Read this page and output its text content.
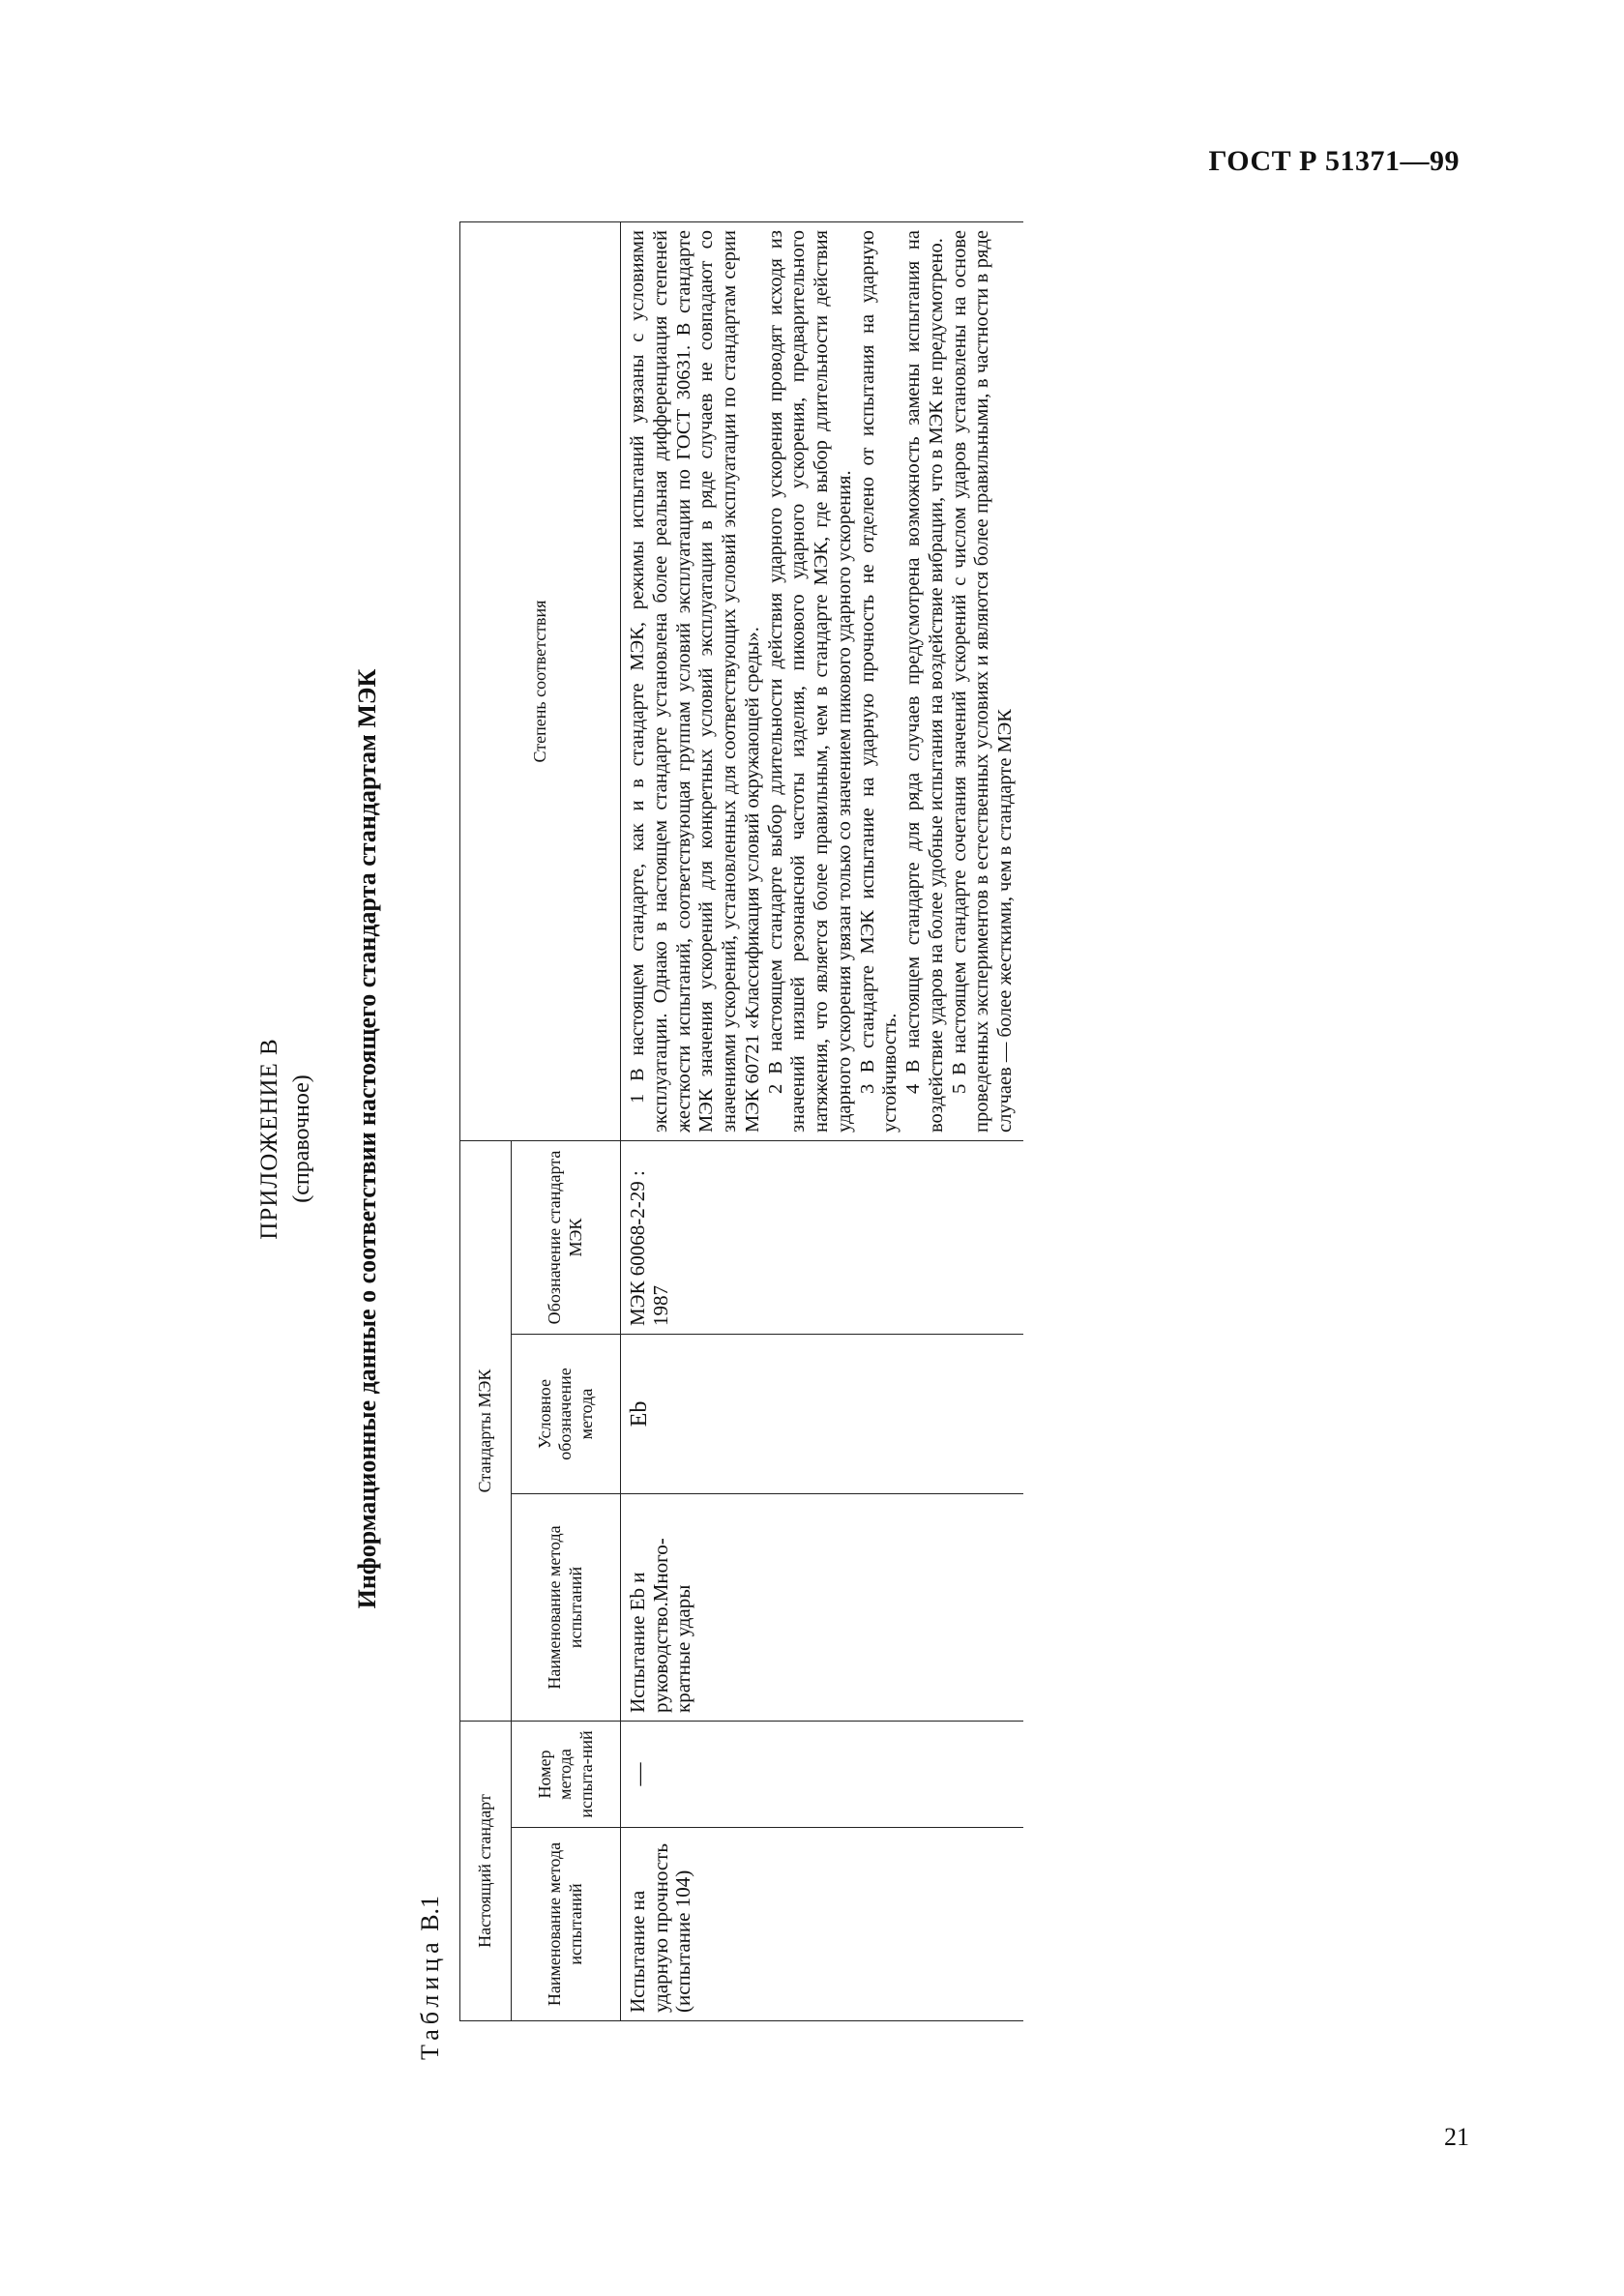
ГОСТ Р 51371—99
ПРИЛОЖЕНИЕ В (справочное) Информационные данные о соответствии настоящего стандарта стандартам МЭК
Таблица В.1 Настоящий стандарт		Стандарты МЭК			Степень соответствия
Наименование метода испытаний	Номер метода испыта-ний	Наименование метода испытаний	Условное обозначение метода	Обозначение стандарта МЭК	
Испытание на ударную прочность (испытание 104)	—	Испытание Eb и руководство.Много-кратные удары	Eb	МЭК 60068-2-29 : 1987	1 В настоящем стандарте, как и в стандарте МЭК, режимы испытаний увязаны с условиями эксплуатации. Однако в настоящем стандарте установлена более реальная дифференциация степеней жесткости испытаний, соответствующая группам условий эксплуатации по ГОСТ 30631. В стандарте МЭК значения ускорений для конкретных условий эксплуатации в ряде случаев не совпадают со значениями ускорений, установленных для соответствующих условий эксплуатации по стандартам серии МЭК 60721 «Классификация условий окружающей среды». 2 В настоящем стандарте выбор длительности действия ударного ускорения проводят исходя из значений низшей резонансной частоты изделия, пикового ударного ускорения, предварительного натяжения, что является более правильным, чем в стандарте МЭК, где выбор длительности действия ударного ускорения увязан только со значением пикового ударного ускорения. 3 В стандарте МЭК испытание на ударную прочность не отделено от испытания на ударную устойчивость. 4 В настоящем стандарте для ряда случаев предусмотрена возможность замены испытания на воздействие ударов на более удобные испытания на воздействие вибрации, что в МЭК не предусмотрено. 5 В настоящем стандарте сочетания значений ускорений с числом ударов установлены на основе проведенных экспериментов в естественных условиях и являются более правильными, в частности в ряде случаев — более жесткими, чем в стандарте МЭК

21
